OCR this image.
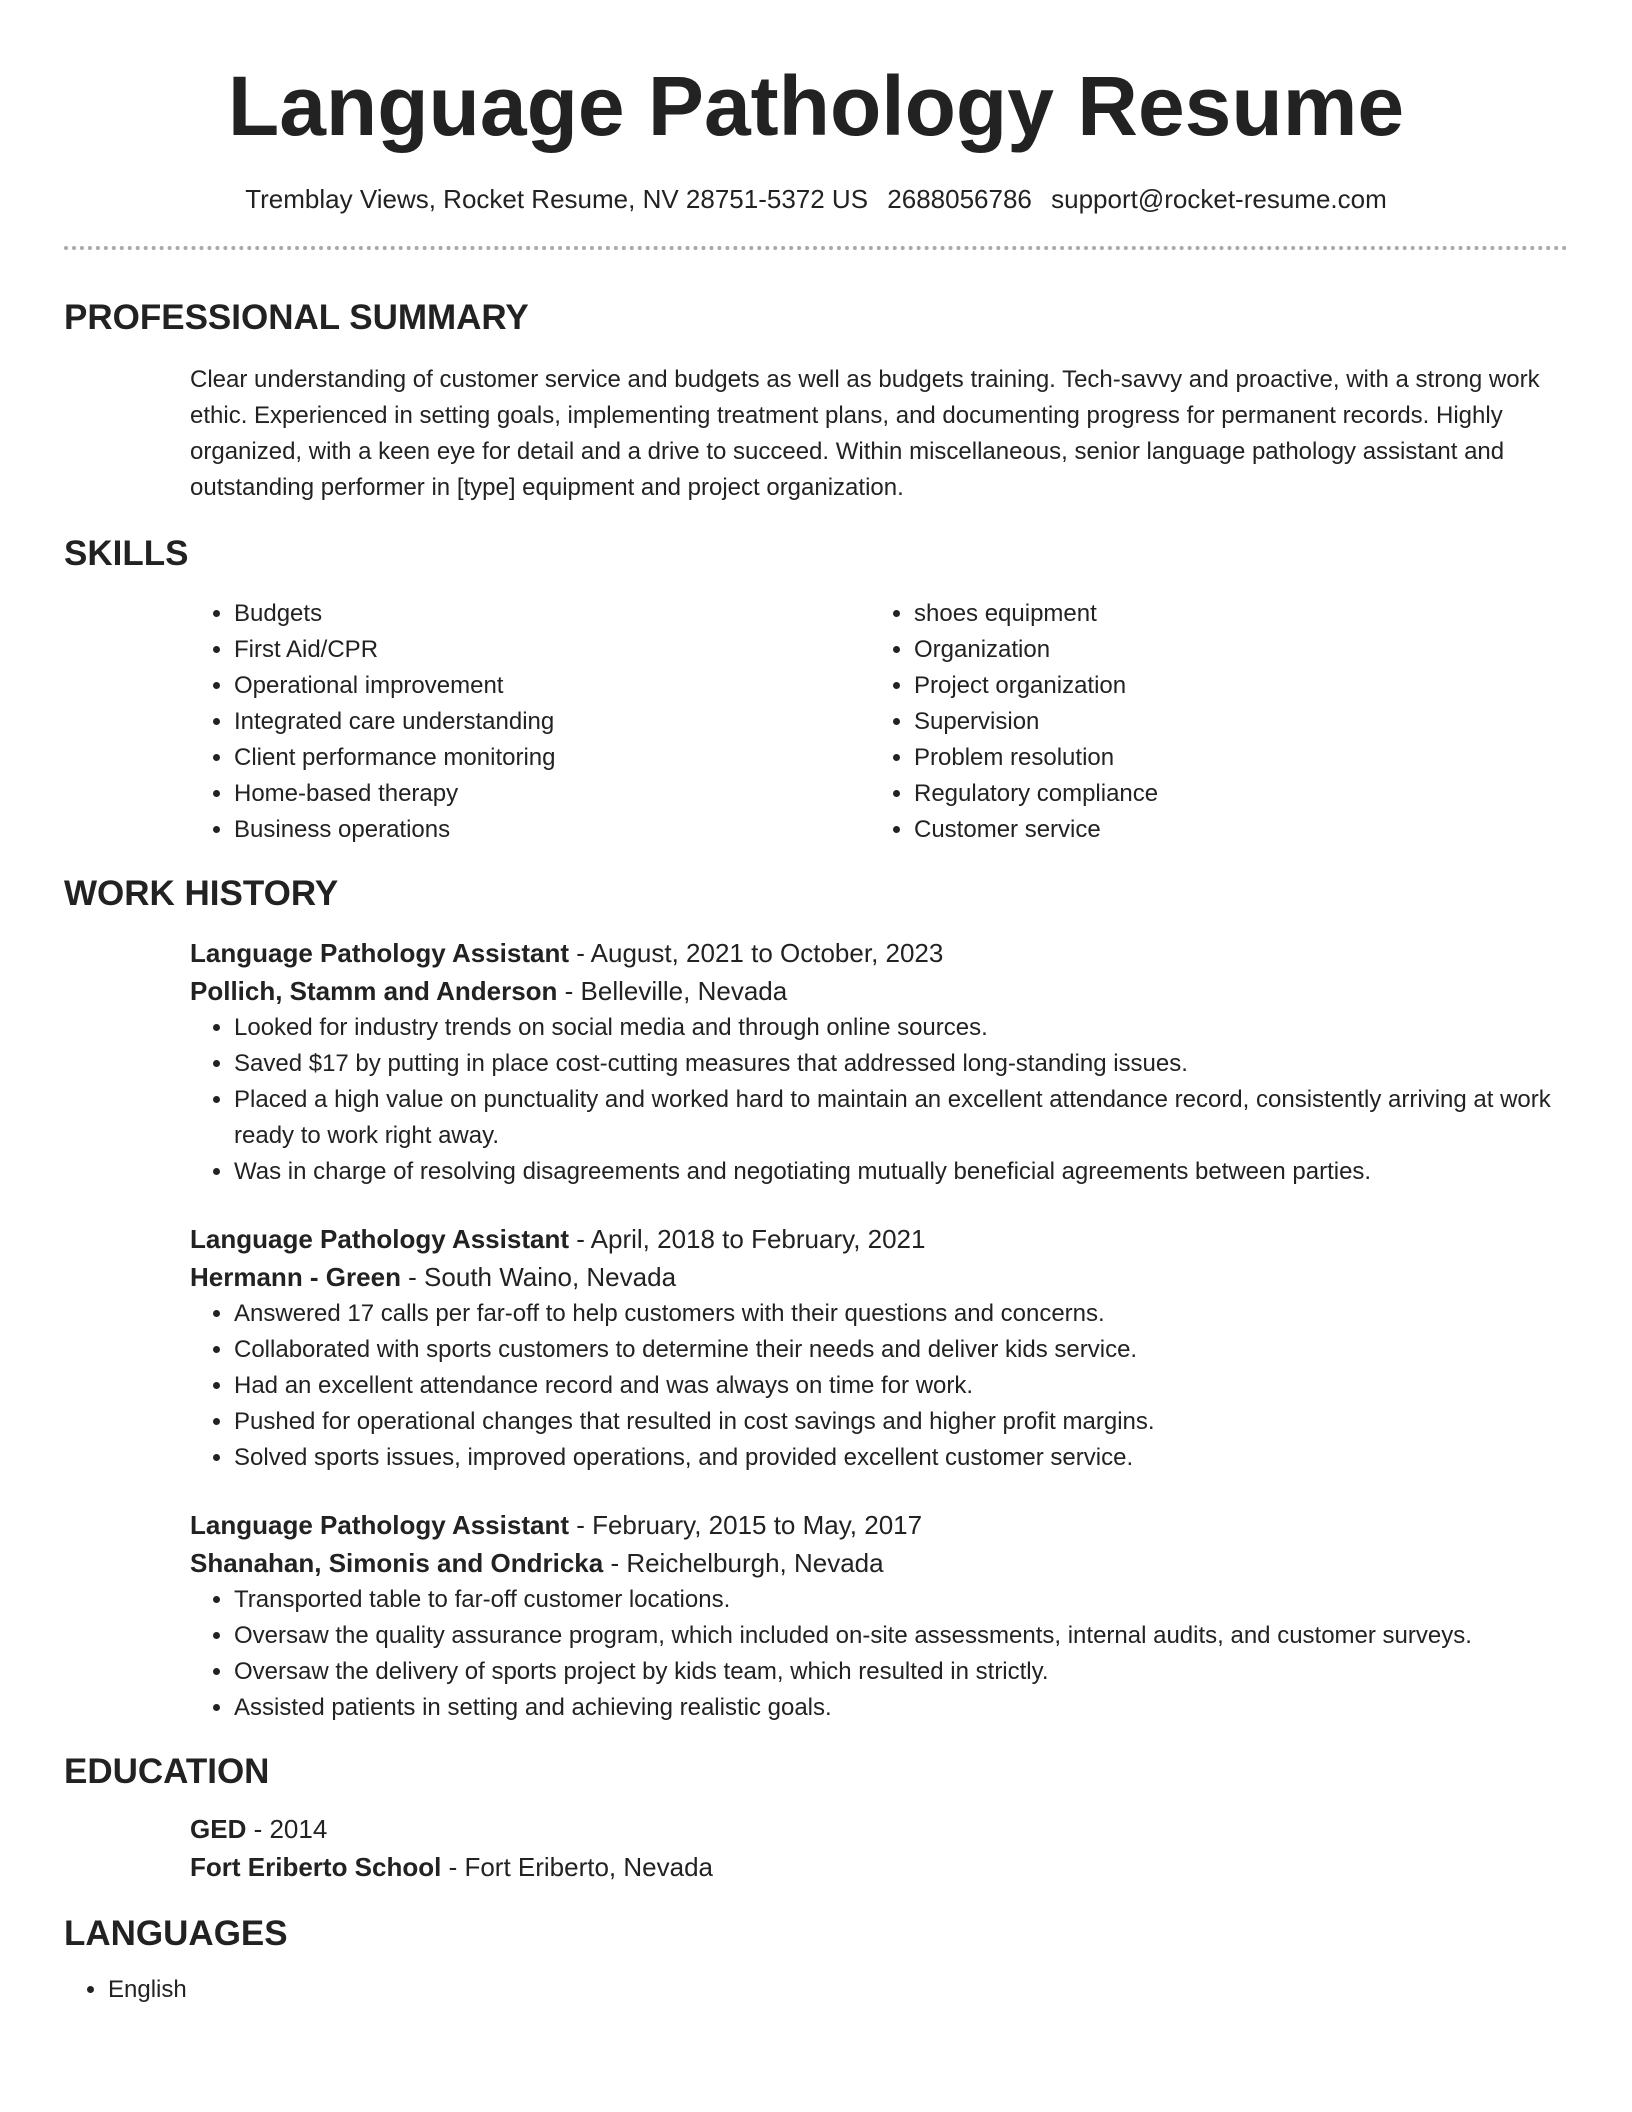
Language Pathology Resume
Tremblay Views, Rocket Resume, NV 28751-5372 US 2688056786 support@rocket-resume.com
PROFESSIONAL SUMMARY

Clear understanding of customer service and budgets as well as budgets training. Tech-savvy and proactive, with a strong work ethic. Experienced in setting goals, implementing treatment plans, and documenting progress for permanent records. Highly organized, with a keen eye for detail and a drive to succeed. Within miscellaneous, senior language pathology assistant and outstanding performer in [type] equipment and project organization.

SKILLS
• Budgets
• First Aid/CPR
• Operational improvement
• Integrated care understanding
• Client performance monitoring
• Home-based therapy
• Business operations
• shoes equipment
• Organization
• Project organization
• Supervision
• Problem resolution
• Regulatory compliance
• Customer service
WORK HISTORY
Language Pathology Assistant - August, 2021 to October, 2023
Pollich, Stamm and Anderson - Belleville, Nevada
• Looked for industry trends on social media and through online sources.
• Saved $17 by putting in place cost-cutting measures that addressed long-standing issues.
• Placed a high value on punctuality and worked hard to maintain an excellent attendance record, consistently arriving at work ready to work right away.
• Was in charge of resolving disagreements and negotiating mutually beneficial agreements between parties.
Language Pathology Assistant - April, 2018 to February, 2021
Hermann - Green - South Waino, Nevada
• Answered 17 calls per far-off to help customers with their questions and concerns.
• Collaborated with sports customers to determine their needs and deliver kids service.
• Had an excellent attendance record and was always on time for work.
• Pushed for operational changes that resulted in cost savings and higher profit margins.
• Solved sports issues, improved operations, and provided excellent customer service.
Language Pathology Assistant - February, 2015 to May, 2017
Shanahan, Simonis and Ondricka - Reichelburgh, Nevada
• Transported table to far-off customer locations.
• Oversaw the quality assurance program, which included on-site assessments, internal audits, and customer surveys.
• Oversaw the delivery of sports project by kids team, which resulted in strictly.
• Assisted patients in setting and achieving realistic goals.
EDUCATION
GED - 2014
Fort Eriberto School - Fort Eriberto, Nevada
LANGUAGES
• English
